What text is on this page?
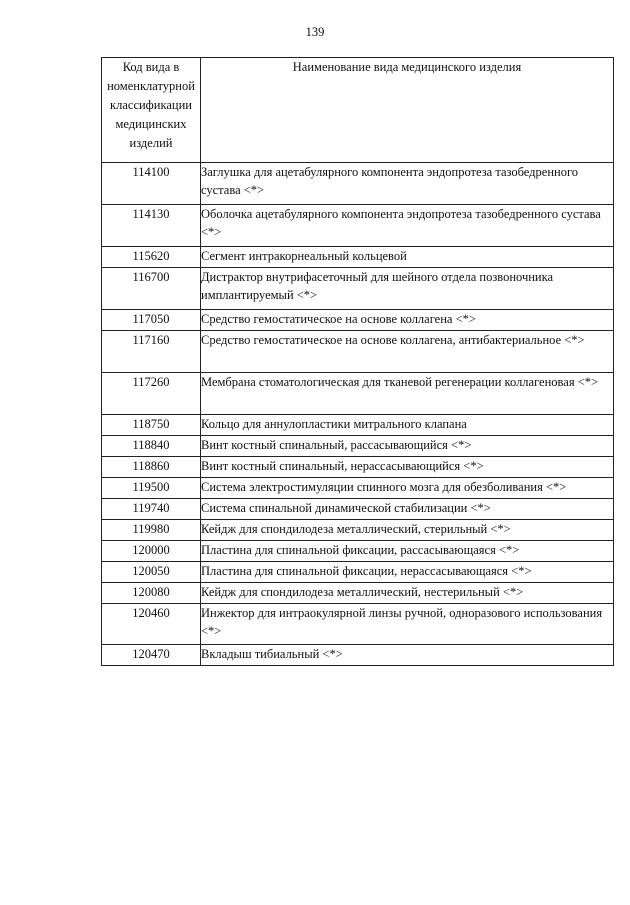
139
Код вида в номенклатурной классификации медицинских изделий	Наименование вида медицинского изделия
114100	Заглушка для ацетабулярного компонента эндопротеза тазобедренного сустава <*>
114130	Оболочка ацетабулярного компонента эндопротеза тазобедренного сустава <*>
115620	Сегмент интракорнеальный кольцевой
116700	Дистрактор внутрифасеточный для шейного отдела позвоночника имплантируемый <*>
117050	Средство гемостатическое на основе коллагена <*>
117160	Средство гемостатическое на основе коллагена, антибактериальное <*>
117260	Мембрана стоматологическая для тканевой регенерации коллагеновая <*>
118750	Кольцо для аннулопластики митрального клапана
118840	Винт костный спинальный, рассасывающийся <*>
118860	Винт костный спинальный, нерассасывающийся <*>
119500	Система электростимуляции спинного мозга для обезболивания <*>
119740	Система спинальной динамической стабилизации <*>
119980	Кейдж для спондилодеза металлический, стерильный <*>
120000	Пластина для спинальной фиксации, рассасывающаяся <*>
120050	Пластина для спинальной фиксации, нерассасывающаяся <*>
120080	Кейдж для спондилодеза металлический, нестерильный <*>
120460	Инжектор для интраокулярной линзы ручной, одноразового использования <*>
120470	Вкладыш тибиальный <*>
